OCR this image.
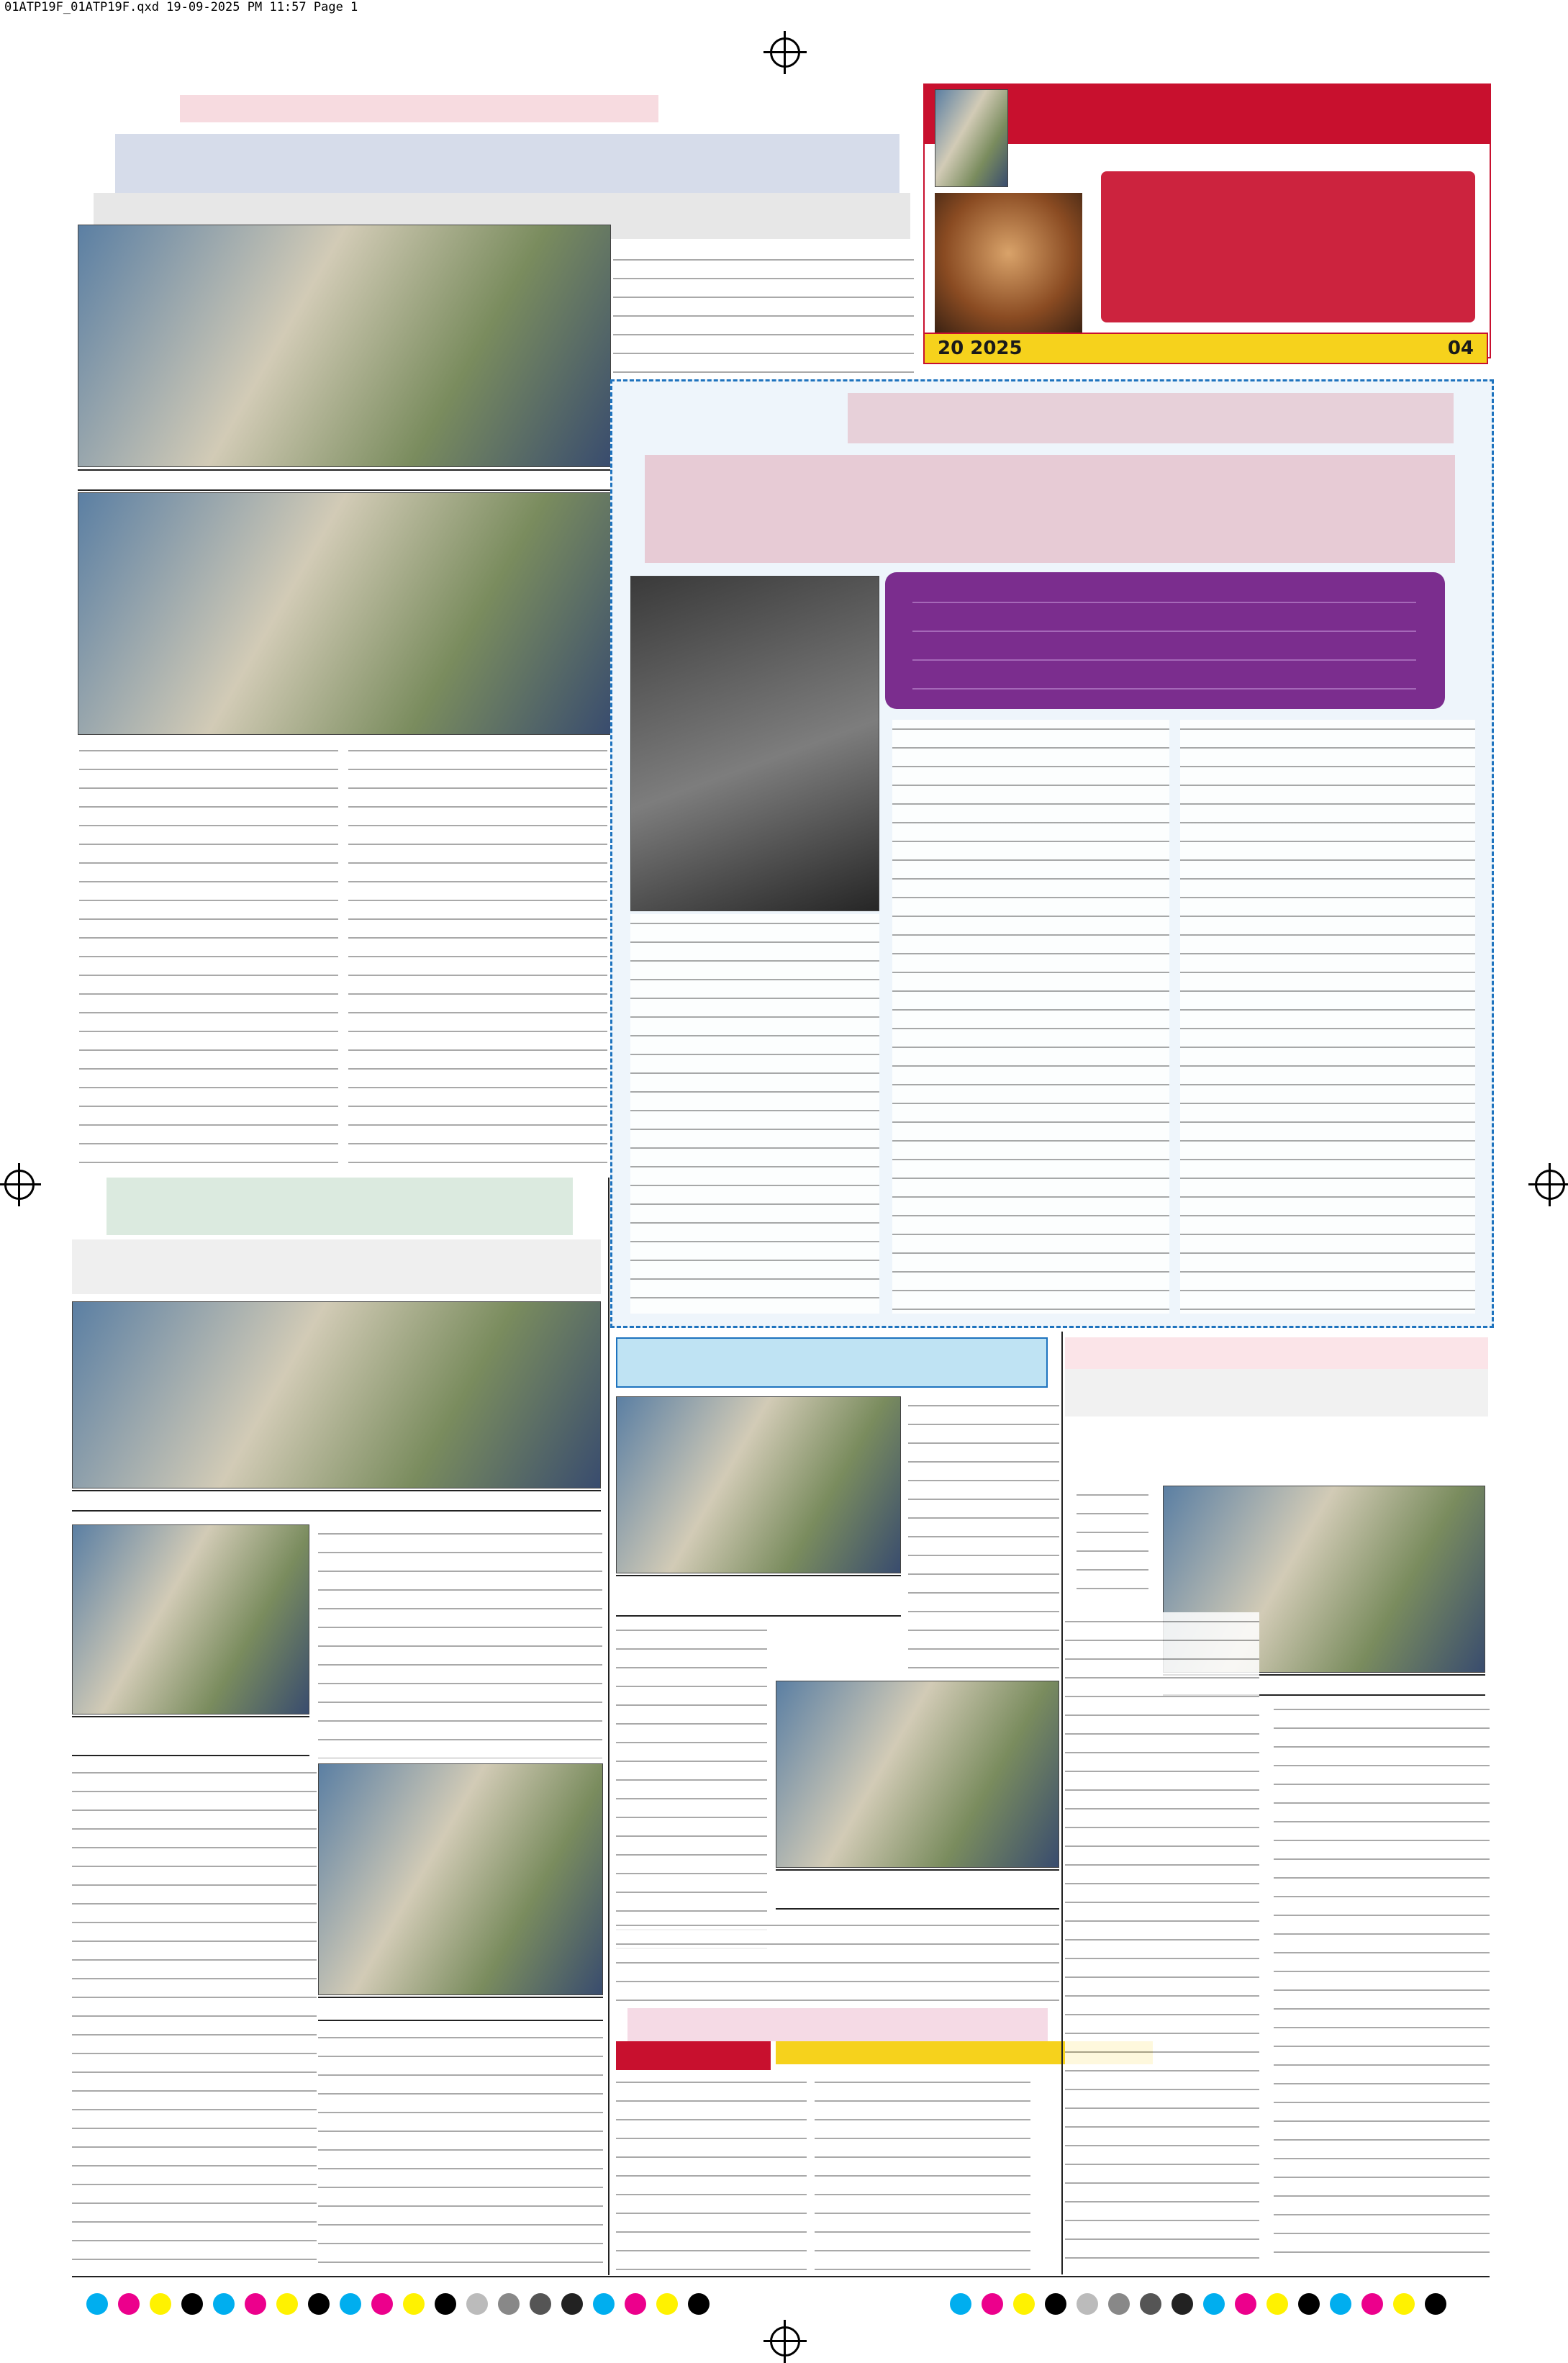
01ATP19F_01ATP19F.qxd 19-09-2025 PM 11:57 Page 1
20 2025	04
